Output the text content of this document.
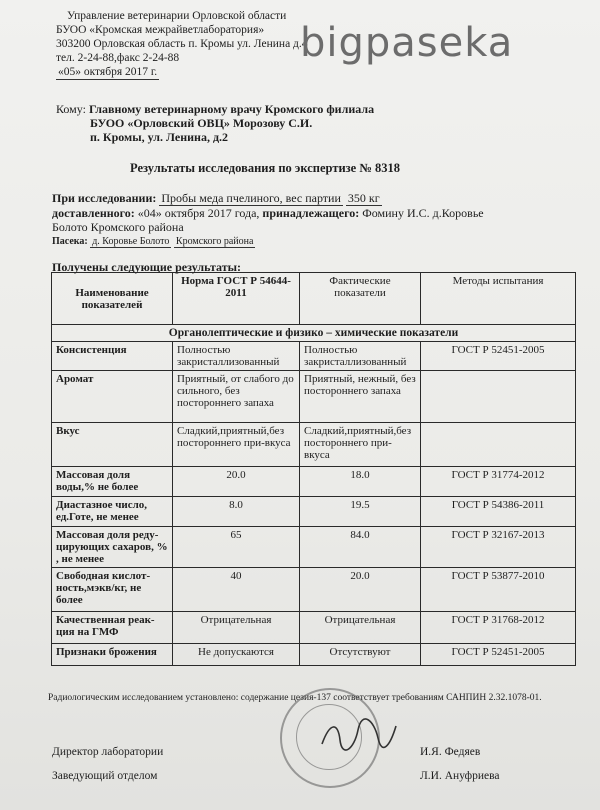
Управление ветеринарии Орловской области
БУОО «Кромская межрайветлаборатория»
303200 Орловская область п. Кромы ул. Ленина д.4
тел. 2-24-88,факс 2-24-88
«05» октября 2017 г.
bigpaseka
Кому: Главному ветеринарному врачу Кромского филиала
БУОО «Орловский ОВЦ» Морозову С.И.
п. Кромы, ул. Ленина, д.2
Результаты исследования по экспертизе № 8318
При исследовании: Пробы меда пчелиного, вес партии 350 кг
доставленного: «04» октября 2017 года, принадлежащего: Фомину И.С. д.Коровье
Болото Кромского района
Пасека: д. Коровье Болото Кромского района
Получены следующие результаты:
Наименование показателей	Норма ГОСТ Р 54644-2011	Фактические показатели	Методы испытания
Органолептические и физико – химические показатели			
Консистенция	Полностью закристаллизованный	Полностью закристаллизованный	ГОСТ Р 52451-2005
Аромат	Приятный, от слабого до сильного, без постороннего запаха	Приятный, нежный, без постороннего запаха	
Вкус	Сладкий,приятный,без постороннего при-вкуса	Сладкий,приятный,без постороннего при-вкуса	
Массовая доля воды,% не более	20.0	18.0	ГОСТ Р 31774-2012
Диастазное число, ед.Готе, не менее	8.0	19.5	ГОСТ Р 54386-2011
Массовая доля реду-цирующих сахаров, % , не менее	65	84.0	ГОСТ Р 32167-2013
Свободная кислот-ность,мэкв/кг, не более	40	20.0	ГОСТ Р 53877-2010
Качественная реак-ция на ГМФ	Отрицательная	Отрицательная	ГОСТ Р 31768-2012
Признаки брожения	Не допускаются	Отсутствуют	ГОСТ Р 52451-2005
Радиологическим исследованием установлено: содержание цезия-137 соответствует требованиям САНПИН 2.32.1078-01.
Директор лаборатории	И.Я. Федяев
Заведующий отделом	Л.И. Ануфриева
